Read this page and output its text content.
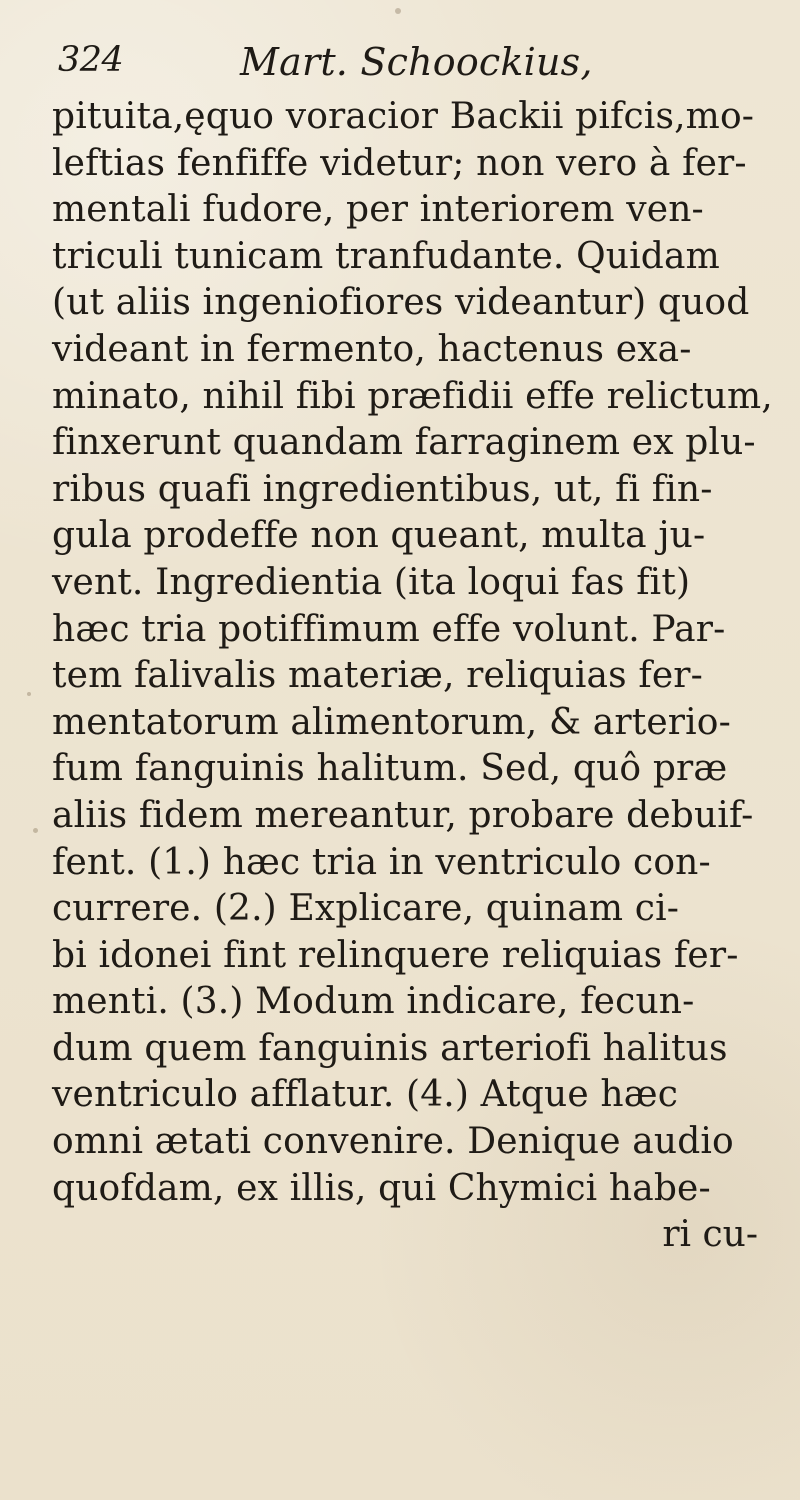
324	Mart. Schoockius,
pituita,ęquo voracior Backii pifcis,mo-
leftias fenfiffe videtur; non vero à fer-
mentali fudore, per interiorem ven-
triculi tunicam tranfudante. Quidam
(ut aliis ingeniofiores videantur) quod
videant in fermento, hactenus exa-
minato, nihil fibi præfidii effe relictum,
finxerunt quandam farraginem ex plu-
ribus quafi ingredientibus, ut, fi fin-
gula prodeffe non queant, multa ju-
vent. Ingredientia (ita loqui fas fit)
hæc tria potiffimum effe volunt. Par-
tem falivalis materiæ, reliquias fer-
mentatorum alimentorum, & arterio-
fum fanguinis halitum. Sed, quô præ
aliis fidem mereantur, probare debuif-
fent. (1.) hæc tria in ventriculo con-
currere. (2.) Explicare, quinam ci-
bi idonei fint relinquere reliquias fer-
menti. (3.) Modum indicare, fecun-
dum quem fanguinis arteriofi halitus
ventriculo afflatur. (4.) Atque hæc
omni ætati convenire. Denique audio
quofdam, ex illis, qui Chymici habe-
ri cu-
